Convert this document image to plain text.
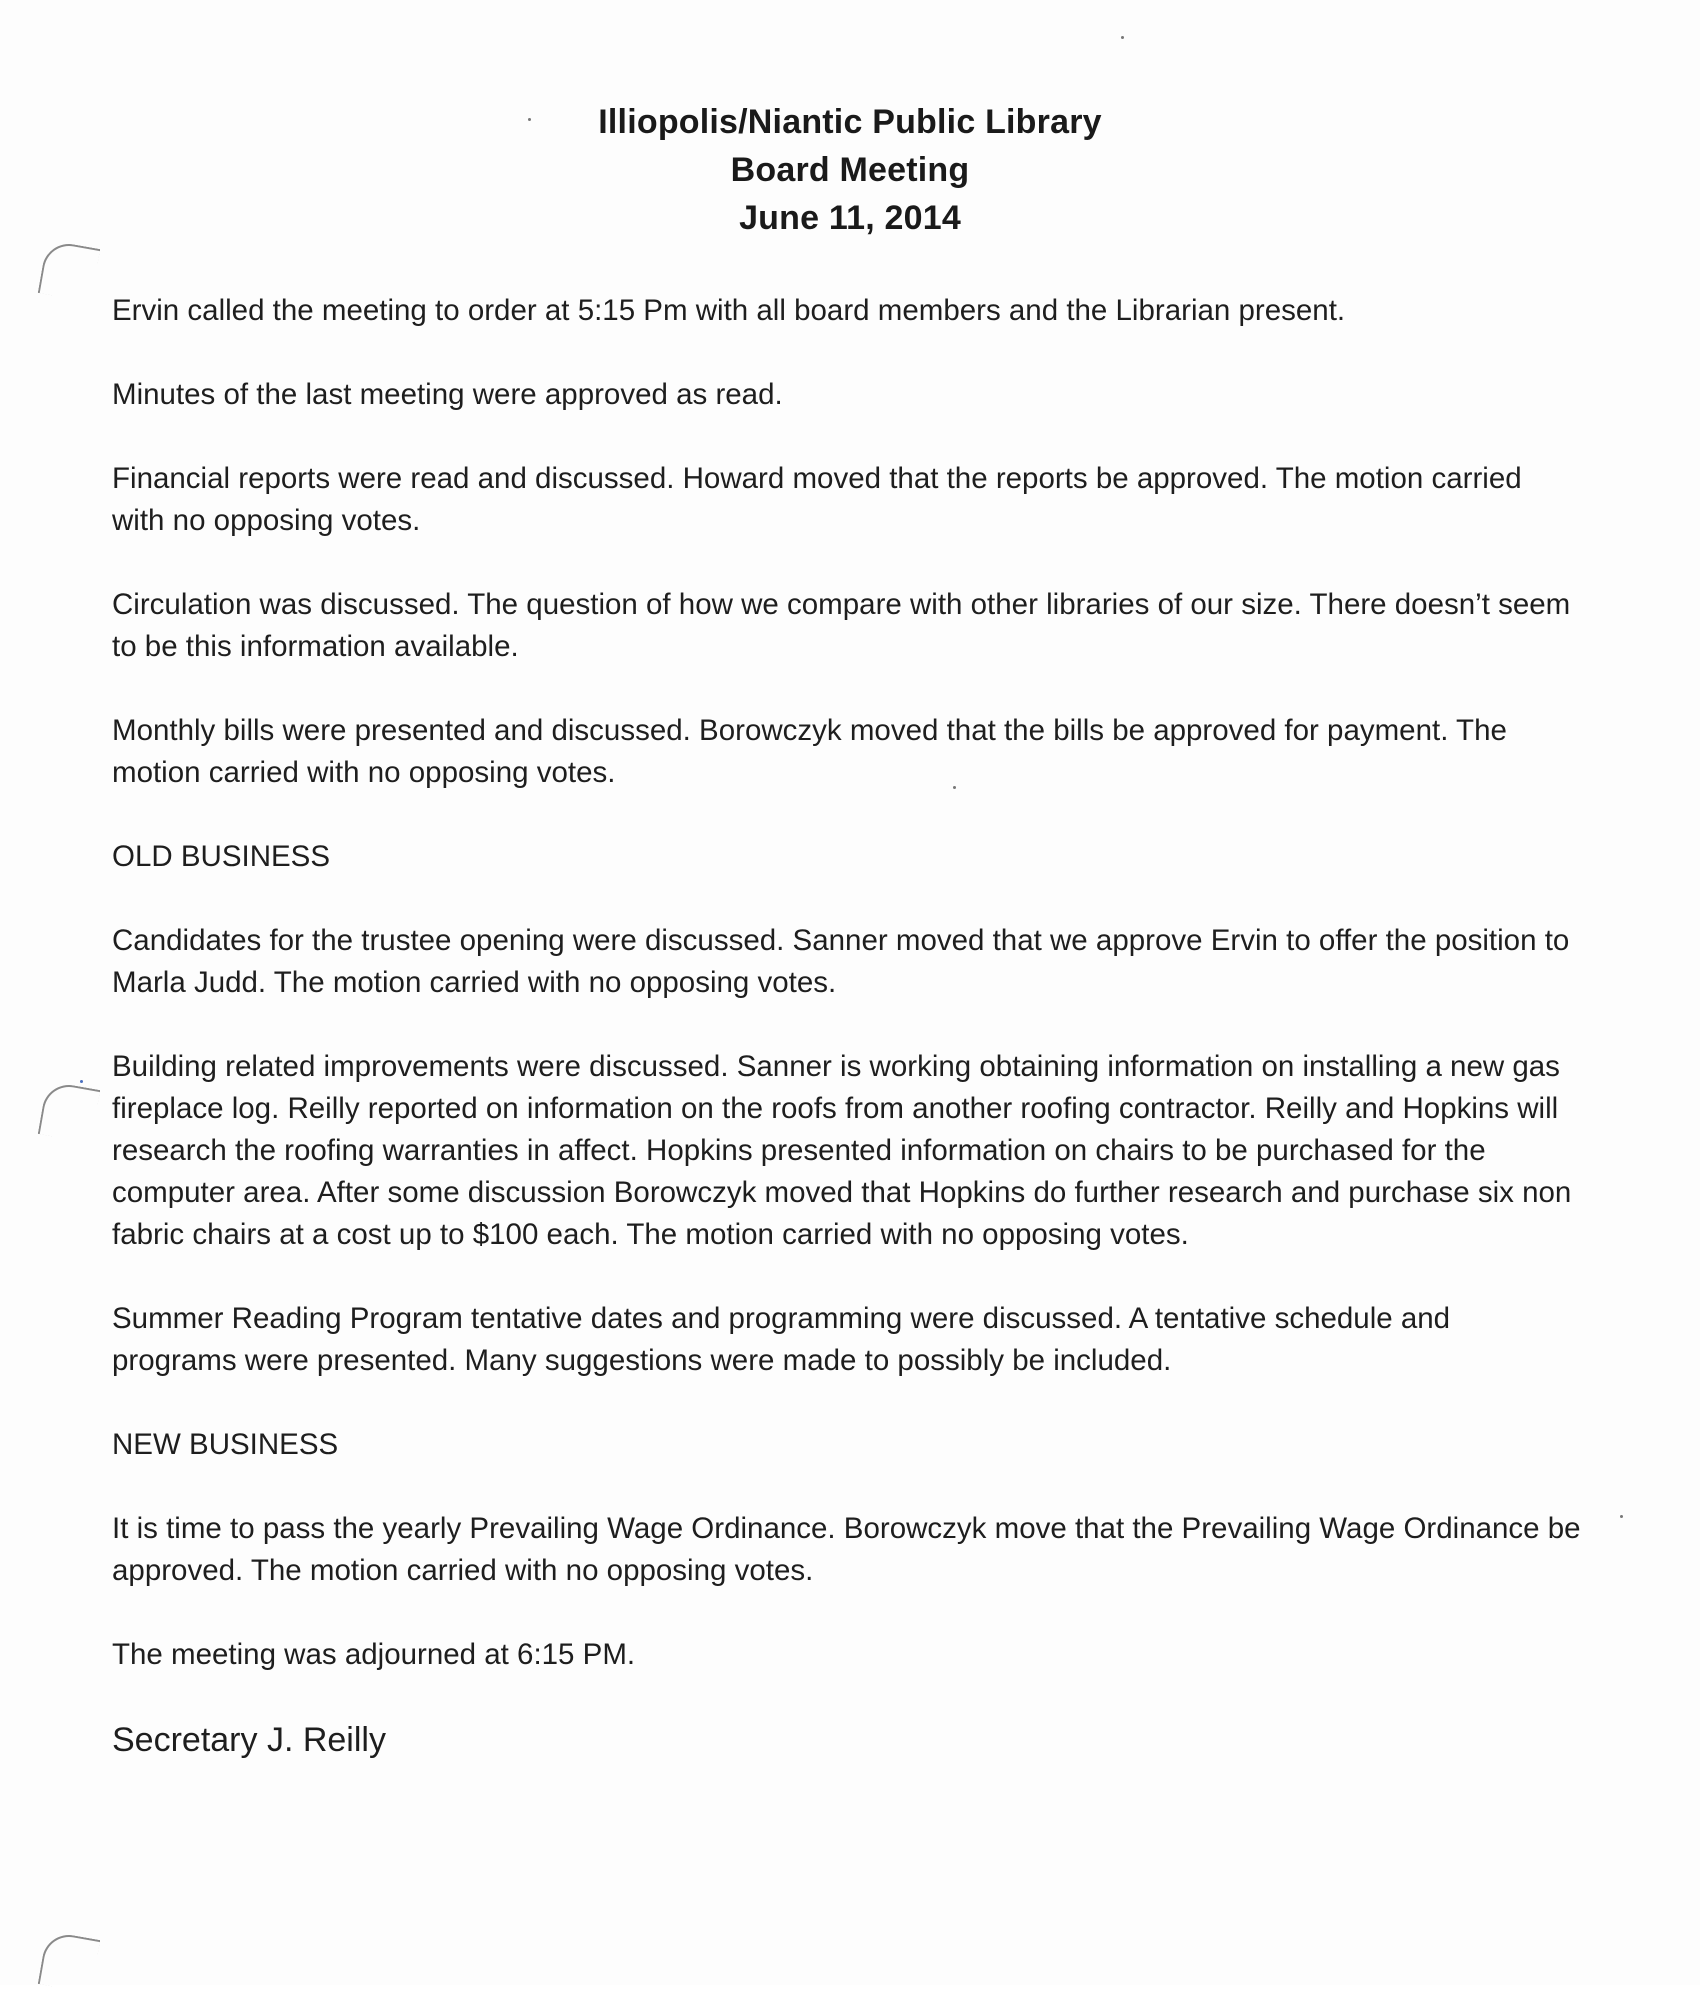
Illiopolis/Niantic Public Library
Board Meeting
June 11, 2014

Ervin called the meeting to order at 5:15 Pm with all board members and the Librarian present.

Minutes of the last meeting were approved as read.

Financial reports were read and discussed. Howard moved that the reports be approved. The motion carried with no opposing votes.

Circulation was discussed. The question of how we compare with other libraries of our size. There doesn’t seem to be this information available.

Monthly bills were presented and discussed. Borowczyk moved that the bills be approved for payment. The motion carried with no opposing votes.

OLD BUSINESS

Candidates for the trustee opening were discussed. Sanner moved that we approve Ervin to offer the position to Marla Judd. The motion carried with no opposing votes.

Building related improvements were discussed. Sanner is working obtaining information on installing a new gas fireplace log. Reilly reported on information on the roofs from another roofing contractor. Reilly and Hopkins will research the roofing warranties in affect. Hopkins presented information on chairs to be purchased for the computer area. After some discussion Borowczyk moved that Hopkins do further research and purchase six non fabric chairs at a cost up to $100 each. The motion carried with no opposing votes.

Summer Reading Program tentative dates and programming were discussed. A tentative schedule and programs were presented. Many suggestions were made to possibly be included.

NEW BUSINESS

It is time to pass the yearly Prevailing Wage Ordinance. Borowczyk move that the Prevailing Wage Ordinance be approved. The motion carried with no opposing votes.

The meeting was adjourned at 6:15 PM.

Secretary J. Reilly
